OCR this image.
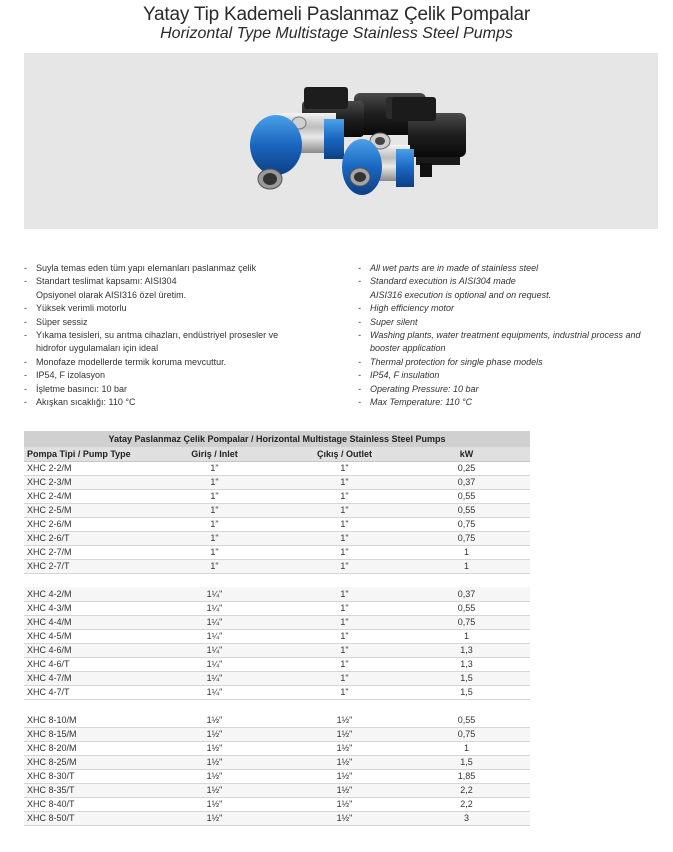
Yatay Tip Kademeli Paslanmaz Çelik Pompalar
Horizontal Type Multistage Stainless Steel Pumps
-	Suyla temas eden tüm yapı elemanları paslanmaz çelik
-	Standart teslimat kapsamı: AISI304
Opsiyonel olarak AISI316 özel üretim.
-	Yüksek verimli motorlu
-	Süper sessiz
-	Yıkama tesisleri, su arıtma cihazları, endüstriyel prosesler ve
hidrofor uygulamaları için ideal
-	Monofaze modellerde termik koruma mevcuttur.
-	IP54, F izolasyon
-	İşletme basıncı: 10 bar
-	Akışkan sıcaklığı: 110 °C
-	All wet parts are in made of stainless steel
-	Standard execution is AISI304 made
AISI316 execution is optional and on request.
-	High efficiency motor
-	Super silent
-	Washing plants, water treatment equipments, industrial process and
booster application
-	Thermal protection for single phase models
-	IP54, F insulation
-	Operating Pressure: 10 bar
-	Max Temperature: 110 °C
Yatay Paslanmaz Çelik Pompalar / Horizontal Multistage Stainless Steel Pumps			
Pompa Tipi / Pump Type	Giriş / Inlet	Çıkış / Outlet	kW
XHC 2-2/M	1"	1"	0,25
XHC 2-3/M	1"	1"	0,37
XHC 2-4/M	1"	1"	0,55
XHC 2-5/M	1"	1"	0,55
XHC 2-6/M	1"	1"	0,75
XHC 2-6/T	1"	1"	0,75
XHC 2-7/M	1"	1"	1
XHC 2-7/T	1"	1"	1

XHC 4-2/M	1¼"	1"	0,37
XHC 4-3/M	1¼"	1"	0,55
XHC 4-4/M	1¼"	1"	0,75
XHC 4-5/M	1¼"	1"	1
XHC 4-6/M	1¼"	1"	1,3
XHC 4-6/T	1¼"	1"	1,3
XHC 4-7/M	1¼"	1"	1,5
XHC 4-7/T	1¼"	1"	1,5

XHC 8-10/M	1½"	1½"	0,55
XHC 8-15/M	1½"	1½"	0,75
XHC 8-20/M	1½"	1½"	1
XHC 8-25/M	1½"	1½"	1,5
XHC 8-30/T	1½"	1½"	1,85
XHC 8-35/T	1½"	1½"	2,2
XHC 8-40/T	1½"	1½"	2,2
XHC 8-50/T	1½"	1½"	3
